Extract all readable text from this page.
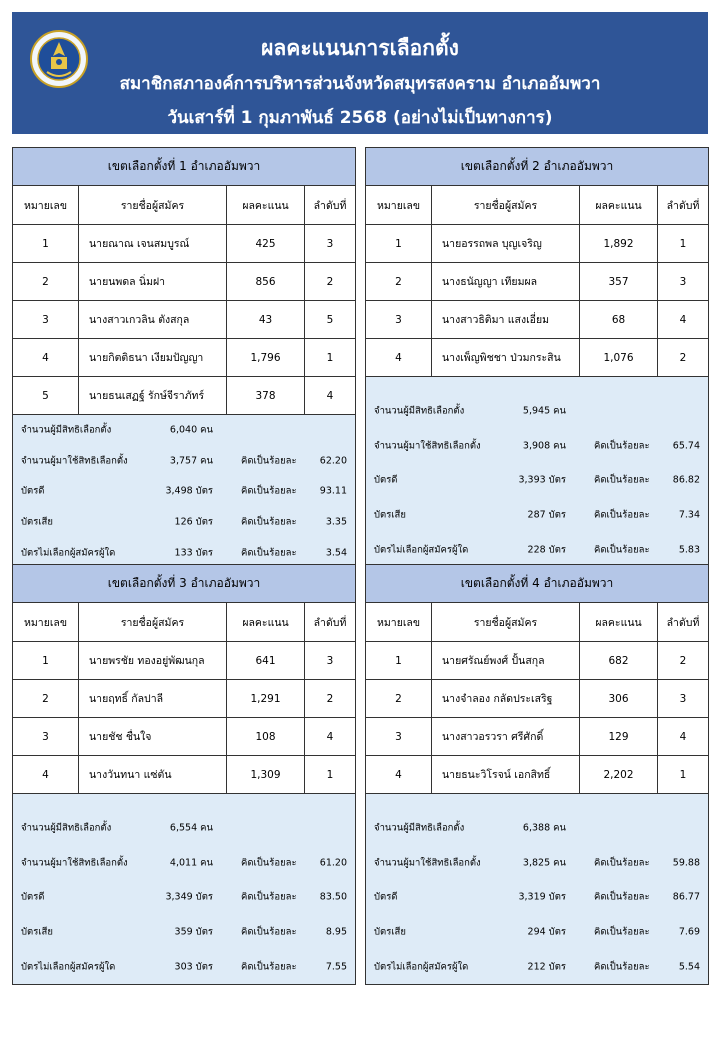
ผลคะแนนการเลือกตั้ง
สมาชิกสภาองค์การบริหารส่วนจังหวัดสมุทรสงคราม อำเภออัมพวา
วันเสาร์ที่ 1 กุมภาพันธ์ 2568 (อย่างไม่เป็นทางการ)
เขตเลือกตั้งที่ 1 อำเภออัมพวา
หมายเลข	รายชื่อผู้สมัคร	ผลคะแนน	ลำดับที่
1	นายณาณ เจนสมบูรณ์	425	3
2	นายนพดล นิ่มฝา	856	2
3	นางสาวเกวลิน ตังสกุล	43	5
4	นายกิตติธนา เงียมปัญญา	1,796	1
5	นายธนเสฏฐ์ รักษ์จีราภัทร์	378	4
จำนวนผู้มีสิทธิเลือกตั้ง	6,040 คน
จำนวนผู้มาใช้สิทธิเลือกตั้ง	3,757 คน	คิดเป็นร้อยละ 62.20
บัตรดี	3,498 บัตร	คิดเป็นร้อยละ 93.11
บัตรเสีย	126 บัตร	คิดเป็นร้อยละ	3.35
บัตรไม่เลือกผู้สมัครผู้ใด	133 บัตร	คิดเป็นร้อยละ	3.54
เขตเลือกตั้งที่ 2 อำเภออัมพวา
หมายเลข	รายชื่อผู้สมัคร	ผลคะแนน	ลำดับที่
1	นายอรรถพล บุญเจริญ	1,892	1
2	นางธนัญญา เทียมผล	357	3
3	นางสาวธิติมา แสงเอี่ยม	68	4
4	นางเพ็ญพิชชา ป่วมกระสิน	1,076	2
จำนวนผู้มีสิทธิเลือกตั้ง	5,945 คน
จำนวนผู้มาใช้สิทธิเลือกตั้ง	3,908 คน	คิดเป็นร้อยละ 65.74
บัตรดี	3,393 บัตร	คิดเป็นร้อยละ 86.82
บัตรเสีย	287 บัตร	คิดเป็นร้อยละ	7.34
บัตรไม่เลือกผู้สมัครผู้ใด	228 บัตร	คิดเป็นร้อยละ	5.83
เขตเลือกตั้งที่ 3 อำเภออัมพวา
หมายเลข	รายชื่อผู้สมัคร	ผลคะแนน	ลำดับที่
1	นายพรชัย ทองอยู่พัฒนกุล	641	3
2	นายฤทธิ์ กัลปาลี	1,291	2
3	นายชัช ชื่นใจ	108	4
4	นางวันทนา แซ่ตัน	1,309	1
จำนวนผู้มีสิทธิเลือกตั้ง	6,554 คน
จำนวนผู้มาใช้สิทธิเลือกตั้ง	4,011 คน	คิดเป็นร้อยละ 61.20
บัตรดี	3,349 บัตร	คิดเป็นร้อยละ 83.50
บัตรเสีย	359 บัตร	คิดเป็นร้อยละ	8.95
บัตรไม่เลือกผู้สมัครผู้ใด	303 บัตร	คิดเป็นร้อยละ	7.55
เขตเลือกตั้งที่ 4 อำเภออัมพวา
หมายเลข	รายชื่อผู้สมัคร	ผลคะแนน	ลำดับที่
1	นายศรัณย์พงศ์ ปั้นสกุล	682	2
2	นางจำลอง กลัดประเสริฐ	306	3
3	นางสาวอรวรา ศรีศักดิ์	129	4
4	นายธนะวิโรจน์ เอกสิทธิ์	2,202	1
จำนวนผู้มีสิทธิเลือกตั้ง	6,388 คน
จำนวนผู้มาใช้สิทธิเลือกตั้ง	3,825 คน	คิดเป็นร้อยละ 59.88
บัตรดี	3,319 บัตร	คิดเป็นร้อยละ 86.77
บัตรเสีย	294 บัตร	คิดเป็นร้อยละ	7.69
บัตรไม่เลือกผู้สมัครผู้ใด	212 บัตร	คิดเป็นร้อยละ	5.54
